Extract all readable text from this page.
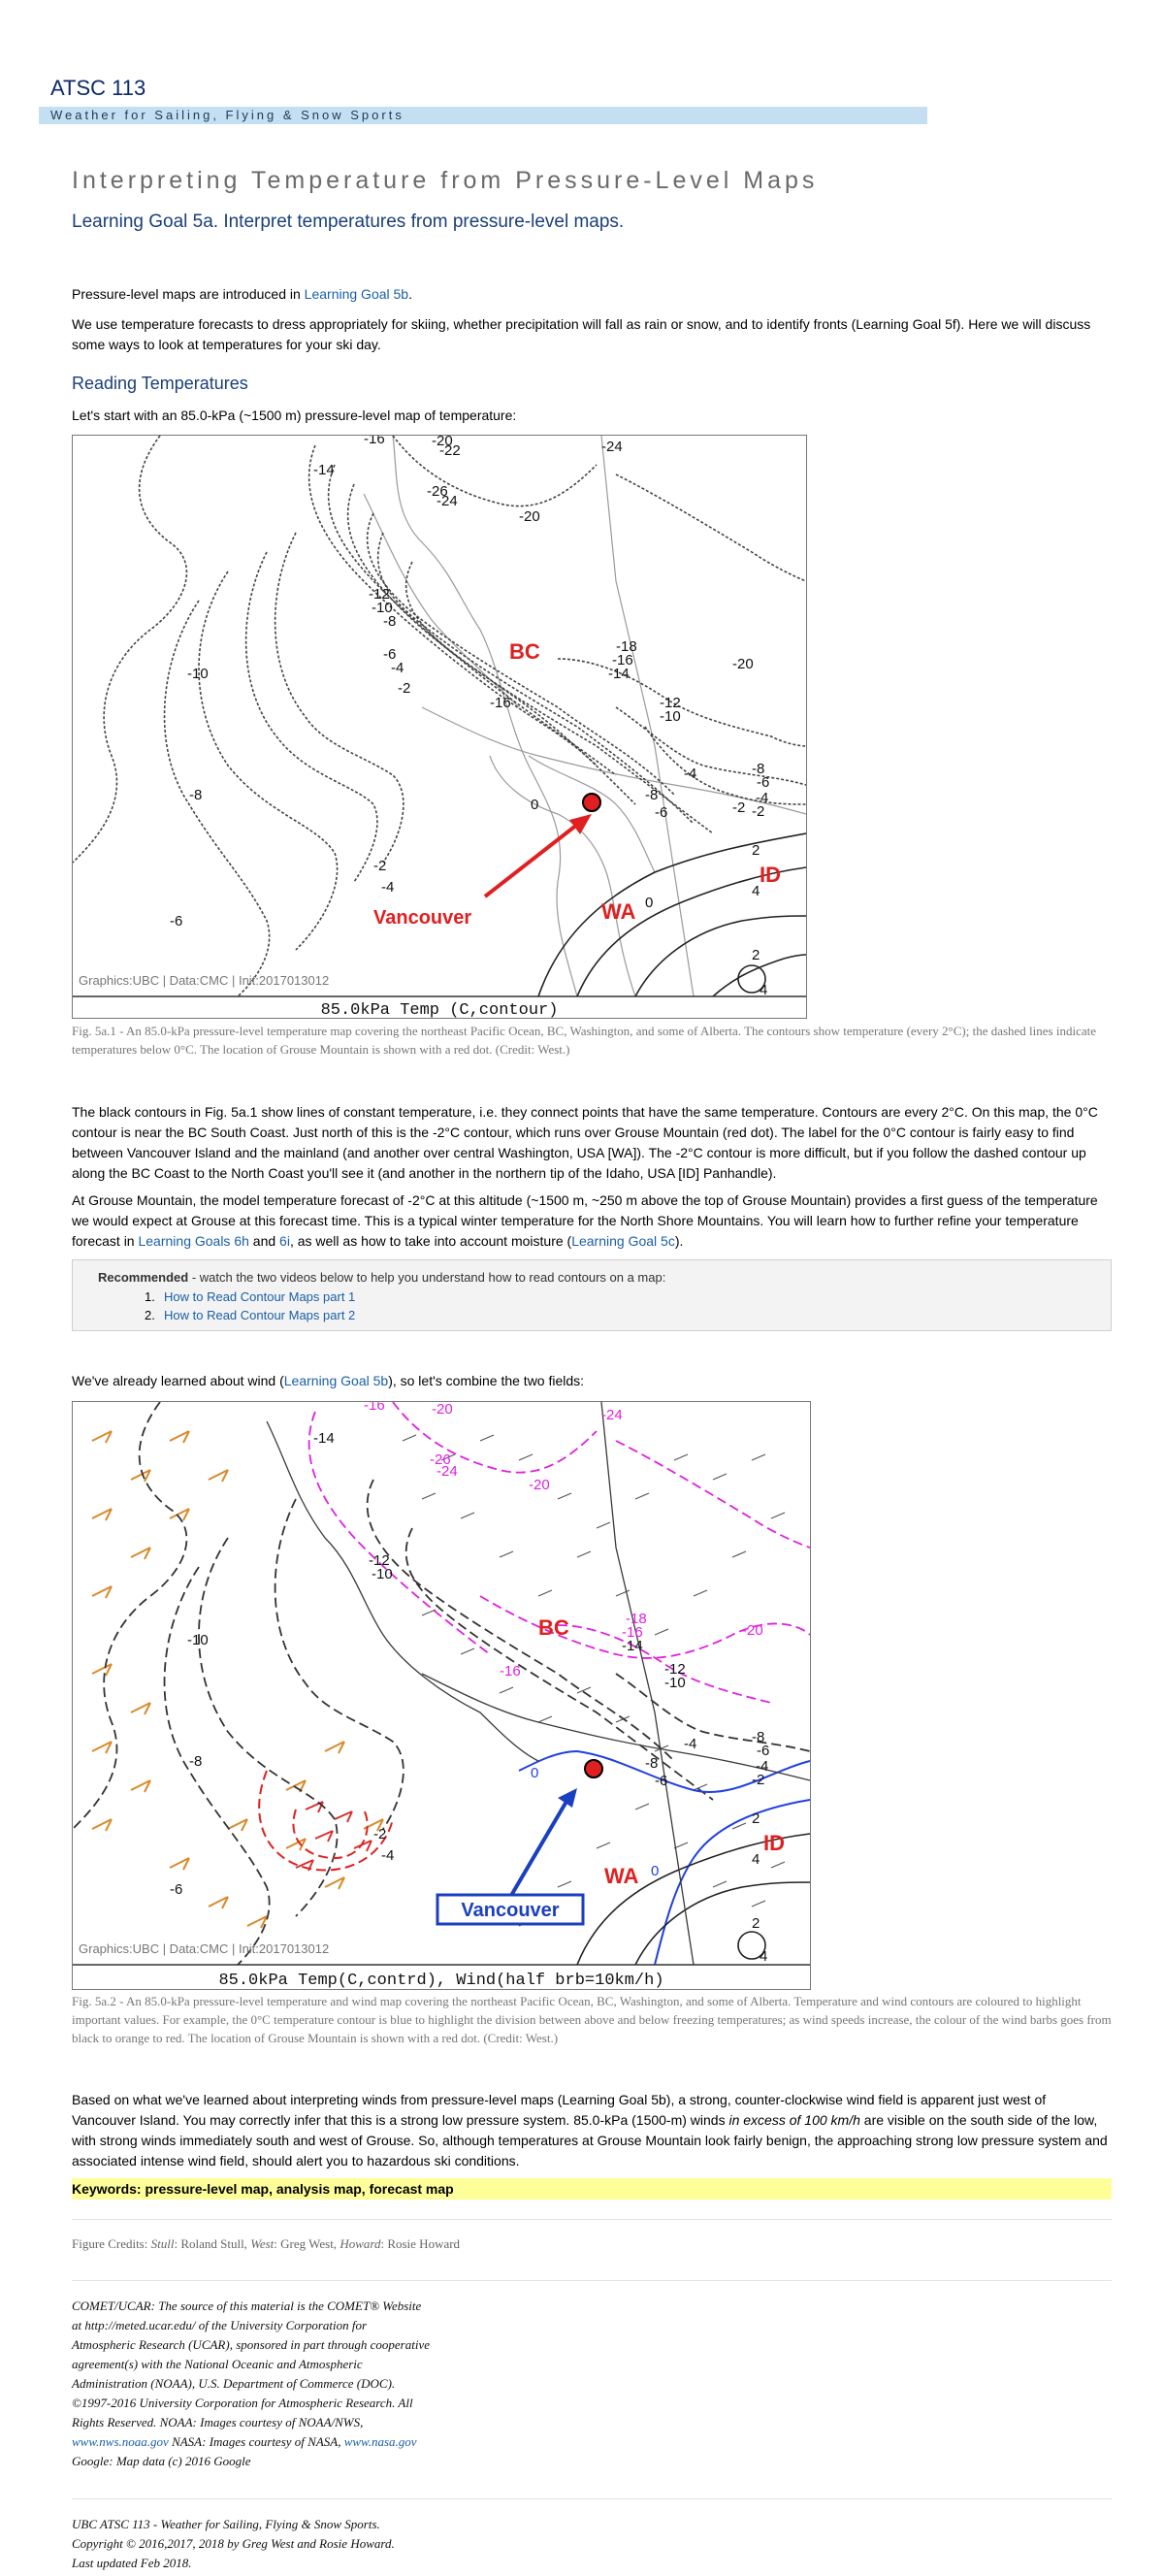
ATSC 113
Weather for Sailing, Flying & Snow Sports
Interpreting Temperature from Pressure-Level Maps
Learning Goal 5a. Interpret temperatures from pressure-level maps.
Pressure-level maps are introduced in Learning Goal 5b.
We use temperature forecasts to dress appropriately for skiing, whether precipitation will fall as rain or snow, and to identify fronts (Learning Goal 5f). Here we will discuss some ways to look at temperatures for your ski day.
Reading Temperatures
Let's start with an 85.0-kPa (~1500 m) pressure-level map of temperature:
-16
-14
-20
-22
-26
-24
-24
-20
-12
-10
-8
-6
-4
-2
-10
-8
-16
-18
-16
-14
-12
-10
-20
-4
-8
-6
-8
-6
-4
-2
-2
-2
-4
-6
2
4
0
0
2
4
BC
WA
ID
Vancouver
Graphics:UBC | Data:CMC | Init:2017013012
85.0kPa Temp (C,contour)
Fig. 5a.1 - An 85.0-kPa pressure-level temperature map covering the northeast Pacific Ocean, BC, Washington, and some of Alberta. The contours show temperature (every 2°C); the dashed lines indicate temperatures below 0°C. The location of Grouse Mountain is shown with a red dot. (Credit: West.)
The black contours in Fig. 5a.1 show lines of constant temperature, i.e. they connect points that have the same temperature. Contours are every 2°C. On this map, the 0°C contour is near the BC South Coast. Just north of this is the -2°C contour, which runs over Grouse Mountain (red dot). The label for the 0°C contour is fairly easy to find between Vancouver Island and the mainland (and another over central Washington, USA [WA]). The -2°C contour is more difficult, but if you follow the dashed contour up along the BC Coast to the North Coast you'll see it (and another in the northern tip of the Idaho, USA [ID] Panhandle).
At Grouse Mountain, the model temperature forecast of -2°C at this altitude (~1500 m, ~250 m above the top of Grouse Mountain) provides a first guess of the temperature we would expect at Grouse at this forecast time. This is a typical winter temperature for the North Shore Mountains. You will learn how to further refine your temperature forecast in Learning Goals 6h and 6i, as well as how to take into account moisture (Learning Goal 5c).
Recommended - watch the two videos below to help you understand how to read contours on a map:
1. How to Read Contour Maps part 1
2. How to Read Contour Maps part 2
We've already learned about wind (Learning Goal 5b), so let's combine the two fields:
-16	-20	-24
-26
-24
-20
-14
-12
-10
-10
-8
-16
-18
-16
-14
-12
-10
-20
-4
-8
-6
-8
-6
-4
-2
-2
-4
-6
0
0
2
4
2
4
BC
WA
ID
Vancouver
Graphics:UBC | Data:CMC | Init:2017013012
85.0kPa Temp(C,contrd), Wind(half brb=10km/h)
Fig. 5a.2 - An 85.0-kPa pressure-level temperature and wind map covering the northeast Pacific Ocean, BC, Washington, and some of Alberta. Temperature and wind contours are coloured to highlight important values. For example, the 0°C temperature contour is blue to highlight the division between above and below freezing temperatures; as wind speeds increase, the colour of the wind barbs goes from black to orange to red. The location of Grouse Mountain is shown with a red dot. (Credit: West.)
Based on what we've learned about interpreting winds from pressure-level maps (Learning Goal 5b), a strong, counter-clockwise wind field is apparent just west of Vancouver Island. You may correctly infer that this is a strong low pressure system. 85.0-kPa (1500-m) winds in excess of 100 km/h are visible on the south side of the low, with strong winds immediately south and west of Grouse. So, although temperatures at Grouse Mountain look fairly benign, the approaching strong low pressure system and associated intense wind field, should alert you to hazardous ski conditions.
Keywords: pressure-level map, analysis map, forecast map
Figure Credits: Stull: Roland Stull, West: Greg West, Howard: Rosie Howard
COMET/UCAR: The source of this material is the COMET® Website
at http://meted.ucar.edu/ of the University Corporation for
Atmospheric Research (UCAR), sponsored in part through cooperative
agreement(s) with the National Oceanic and Atmospheric
Administration (NOAA), U.S. Department of Commerce (DOC).
©1997-2016 University Corporation for Atmospheric Research. All
Rights Reserved. NOAA: Images courtesy of NOAA/NWS,
www.nws.noaa.gov NASA: Images courtesy of NASA, www.nasa.gov
Google: Map data (c) 2016 Google
UBC ATSC 113 - Weather for Sailing, Flying & Snow Sports.
Copyright © 2016,2017, 2018 by Greg West and Rosie Howard.
Last updated Feb 2018.
